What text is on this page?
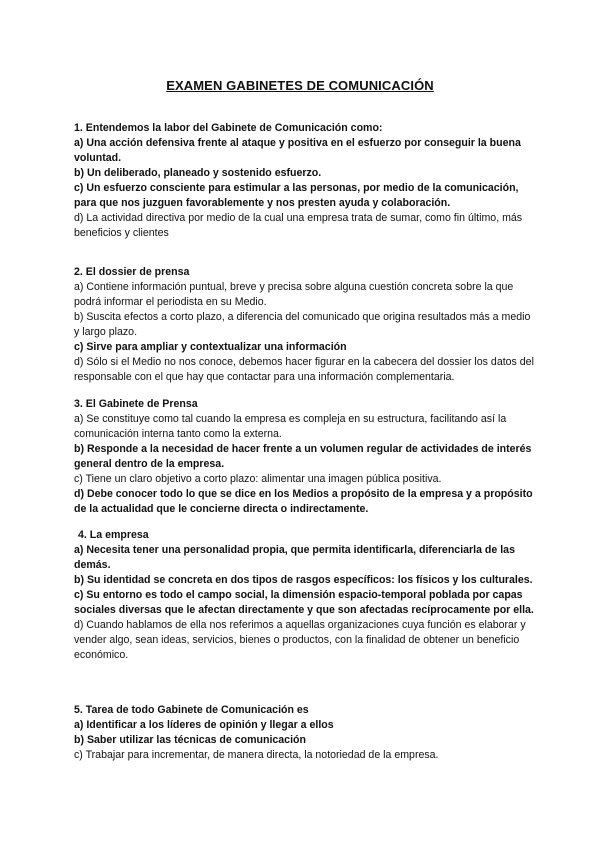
EXAMEN GABINETES DE COMUNICACIÓN

1. Entendemos la labor del Gabinete de Comunicación como:

a) Una acción defensiva frente al ataque y positiva en el esfuerzo por conseguir la buena voluntad.

b) Un deliberado, planeado y sostenido esfuerzo.

c) Un esfuerzo consciente para estimular a las personas, por medio de la comunicación, para que nos juzguen favorablemente y nos presten ayuda y colaboración.

d) La actividad directiva por medio de la cual una empresa trata de sumar, como fin último, más beneficios y clientes

2. El dossier de prensa

a) Contiene información puntual, breve y precisa sobre alguna cuestión concreta sobre la que podrá informar el periodista en su Medio.

b) Suscita efectos a corto plazo, a diferencia del comunicado que origina resultados más a medio y largo plazo.

c) Sirve para ampliar y contextualizar una información

d) Sólo si el Medio no nos conoce, debemos hacer figurar en la cabecera del dossier los datos del responsable con el que hay que contactar para una información complementaria.

3. El Gabinete de Prensa

a) Se constituye como tal cuando la empresa es compleja en su estructura, facilitando así la comunicación interna tanto como la externa.

b) Responde a la necesidad de hacer frente a un volumen regular de actividades de interés general dentro de la empresa.

c) Tiene un claro objetivo a corto plazo: alimentar una imagen pública positiva.

d) Debe conocer todo lo que se dice en los Medios a propósito de la empresa y a propósito de la actualidad que le concierne directa o indirectamente.

4. La empresa

a) Necesita tener una personalidad propia, que permita identificarla, diferenciarla de las demás.

b) Su identidad se concreta en dos tipos de rasgos específicos: los físicos y los culturales.

c) Su entorno es todo el campo social, la dimensión espacio-temporal poblada por capas sociales diversas que le afectan directamente y que son afectadas recíprocamente por ella.

d) Cuando hablamos de ella nos referimos a aquellas organizaciones cuya función es elaborar y vender algo, sean ideas, servicios, bienes o productos, con la finalidad de obtener un beneficio económico.

5. Tarea de todo Gabinete de Comunicación es

a) Identificar a los líderes de opinión y llegar a ellos

b) Saber utilizar las técnicas de comunicación

c) Trabajar para incrementar, de manera directa, la notoriedad de la empresa.
